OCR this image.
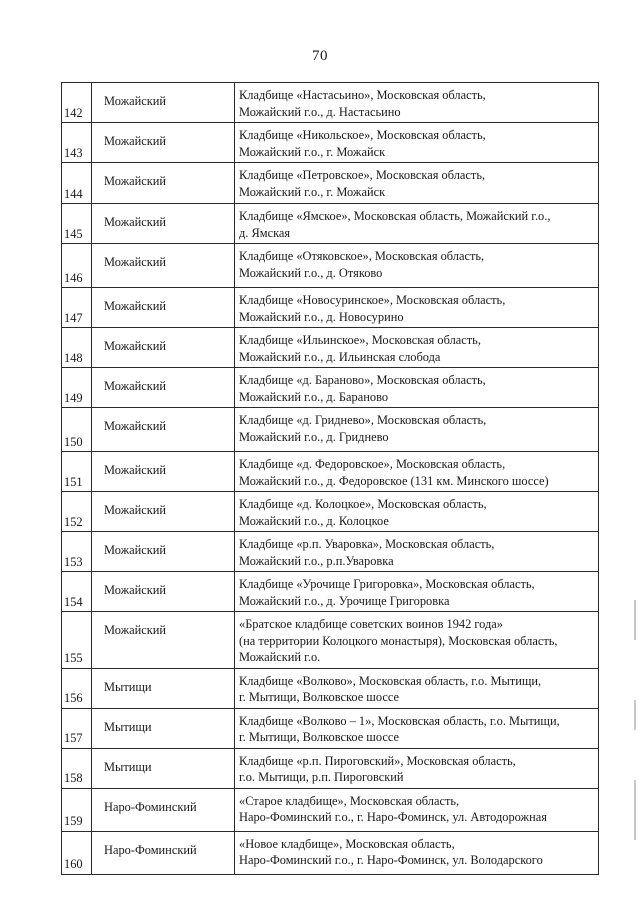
70
142	Можайский	Кладбище «Настасьино», Московская область,
Можайский г.о., д. Настасьино

143	Можайский	Кладбище «Никольское», Московская область,
Можайский г.о., г. Можайск

144	Можайский	Кладбище «Петровское», Московская область,
Можайский г.о., г. Можайск

145	Можайский	Кладбище «Ямское», Московская область, Можайский г.о.,
д. Ямская

146	Можайский	Кладбище «Отяковское», Московская область,
Можайский г.о., д. Отяково

147	Можайский	Кладбище «Новосуринское», Московская область,
Можайский г.о., д. Новосурино

148	Можайский	Кладбище «Ильинское», Московская область,
Можайский г.о., д. Ильинская слобода

149	Можайский	Кладбище «д. Бараново», Московская область,
Можайский г.о., д. Бараново

150	Можайский	Кладбище «д. Гриднево», Московская область,
Можайский г.о., д. Гриднево

151	Можайский	Кладбище «д. Федоровское», Московская область,
Можайский г.о., д. Федоровское (131 км. Минского шоссе)

152	Можайский	Кладбище «д. Колоцкое», Московская область,
Можайский г.о., д. Колоцкое

153	Можайский	Кладбище «р.п. Уваровка», Московская область,
Можайский г.о., р.п.Уваровка

154	Можайский	Кладбище «Урочище Григоровка», Московская область,
Можайский г.о., д. Урочище Григоровка

155	Можайский	«Братское кладбище советских воинов 1942 года»
(на территории Колоцкого монастыря), Московская область,
Можайский г.о.

156	Мытищи	Кладбище «Волково», Московская область, г.о. Мытищи,
г. Мытищи, Волковское шоссе

157	Мытищи	Кладбище «Волково – 1», Московская область, г.о. Мытищи,
г. Мытищи, Волковское шоссе

158	Мытищи	Кладбище «р.п. Пироговский», Московская область,
г.о. Мытищи, р.п. Пироговский

159	Наро-Фоминский	«Старое кладбище», Московская область,
Наро-Фоминский г.о., г. Наро-Фоминск, ул. Автодорожная

160	Наро-Фоминский	«Новое кладбище», Московская область,
Наро-Фоминский г.о., г. Наро-Фоминск, ул. Володарского
